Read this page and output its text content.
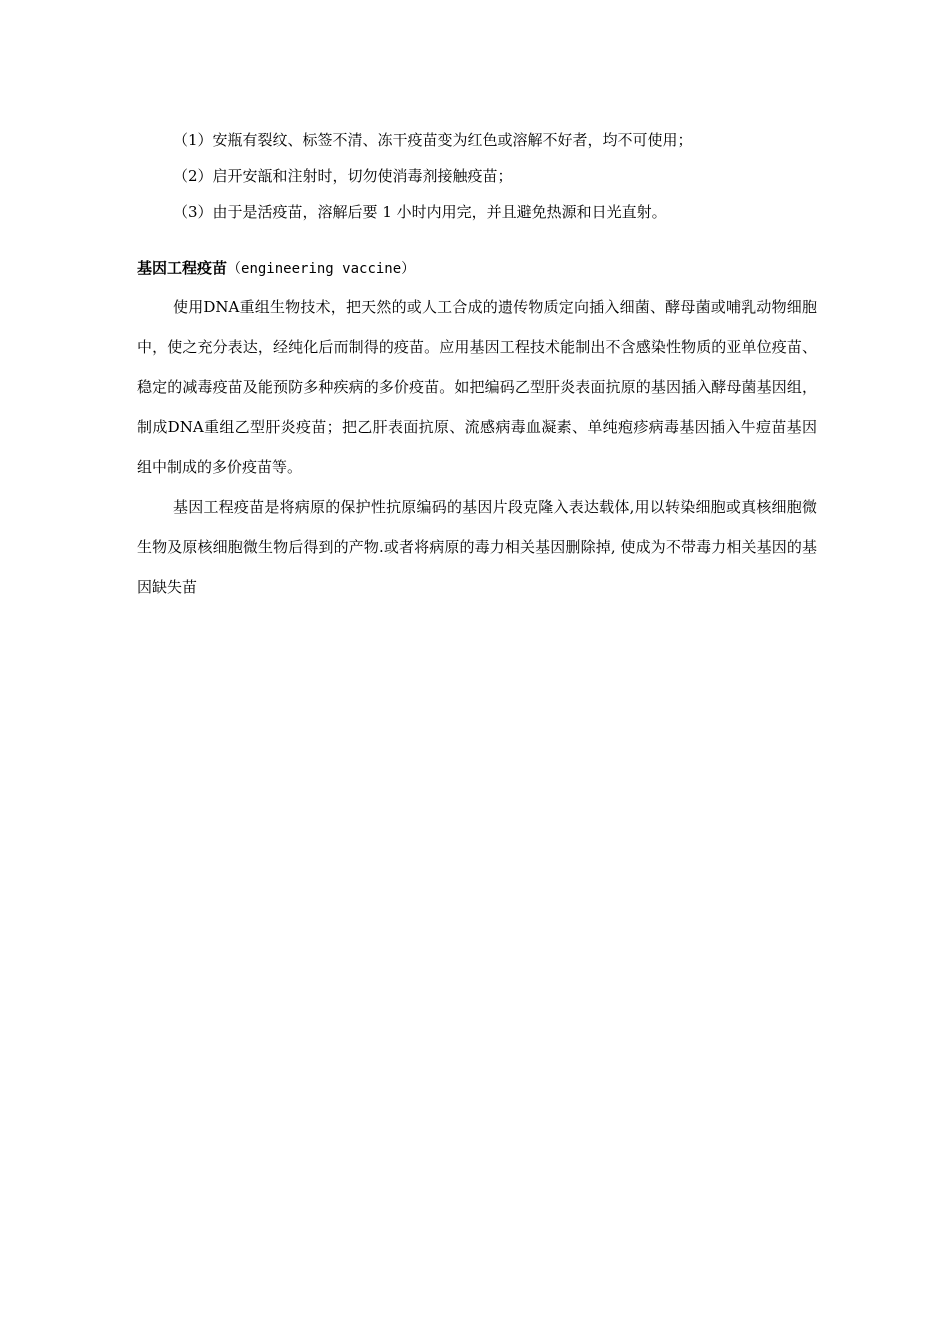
（1）安瓶有裂纹、标签不清、冻干疫苗变为红色或溶解不好者，均不可使用；
（2）启开安瓿和注射时，切勿使消毒剂接触疫苗；
（3）由于是活疫苗，溶解后要 1 小时内用完，并且避免热源和日光直射。
基因工程疫苗（engineering vaccine）

使用DNA重组生物技术，把天然的或人工合成的遗传物质定向插入细菌、酵母菌或哺乳动物细胞中，使之充分表达，经纯化后而制得的疫苗。应用基因工程技术能制出不含感染性物质的亚单位疫苗、稳定的减毒疫苗及能预防多种疾病的多价疫苗。如把编码乙型肝炎表面抗原的基因插入酵母菌基因组，制成DNA重组乙型肝炎疫苗；把乙肝表面抗原、流感病毒血凝素、单纯疱疹病毒基因插入牛痘苗基因组中制成的多价疫苗等。

基因工程疫苗是将病原的保护性抗原编码的基因片段克隆入表达载体,用以转染细胞或真核细胞微生物及原核细胞微生物后得到的产物.或者将病原的毒力相关基因删除掉, 使成为不带毒力相关基因的基因缺失苗
